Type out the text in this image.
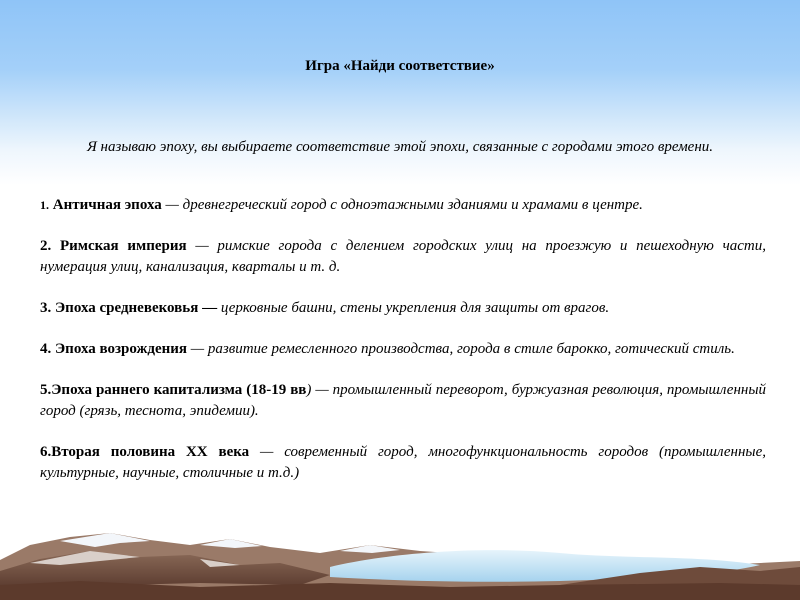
Игра «Найди соответствие»
Я называю эпоху, вы выбираете соответствие этой эпохи, связанные с городами этого времени.
1. Античная эпоха — древнегреческий город с одноэтажными зданиями и храмами в центре.
2. Римская империя — римские города с делением городских улиц на проезжую и пешеходную части, нумерация улиц, канализация, кварталы и т. д.
3. Эпоха средневековья — церковные башни, стены укрепления для защиты от врагов.
4. Эпоха возрождения — развитие ремесленного производства, города в стиле барокко, готический стиль.
5.Эпоха раннего капитализма (18-19 вв) — промышленный переворот, буржуазная революция, промышленный город (грязь, теснота, эпидемии).
6.Вторая половина XX века — современный город, многофункциональность городов (промышленные, культурные, научные, столичные и т.д.)
